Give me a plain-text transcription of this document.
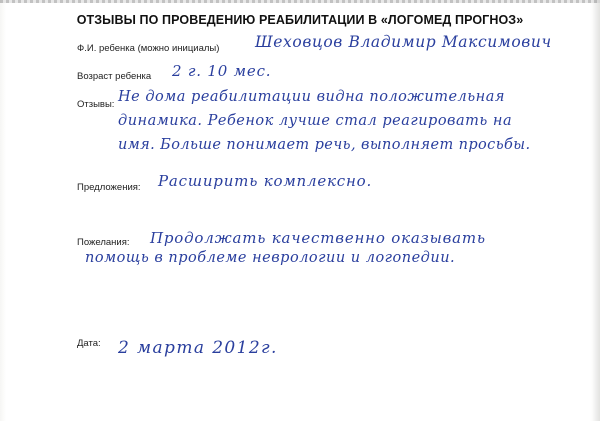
ОТЗЫВЫ ПО ПРОВЕДЕНИЮ РЕАБИЛИТАЦИИ В «ЛОГОМЕД ПРОГНОЗ»
Ф.И. ребенка (можно инициалы) Шеховцов Владимир Максимович
Возраст ребенка 2 г. 10 мес.
Отзывы: Не дома реабилитации видна положительная
динамика. Ребенок лучше стал реагировать на
имя. Больше понимает речь, выполняет просьбы.
Предложения: Расширить комплексно.
Пожелания: Продолжать качественно оказывать
помощь в проблеме неврологии и логопедии.
Дата: 2 марта 2012г.
